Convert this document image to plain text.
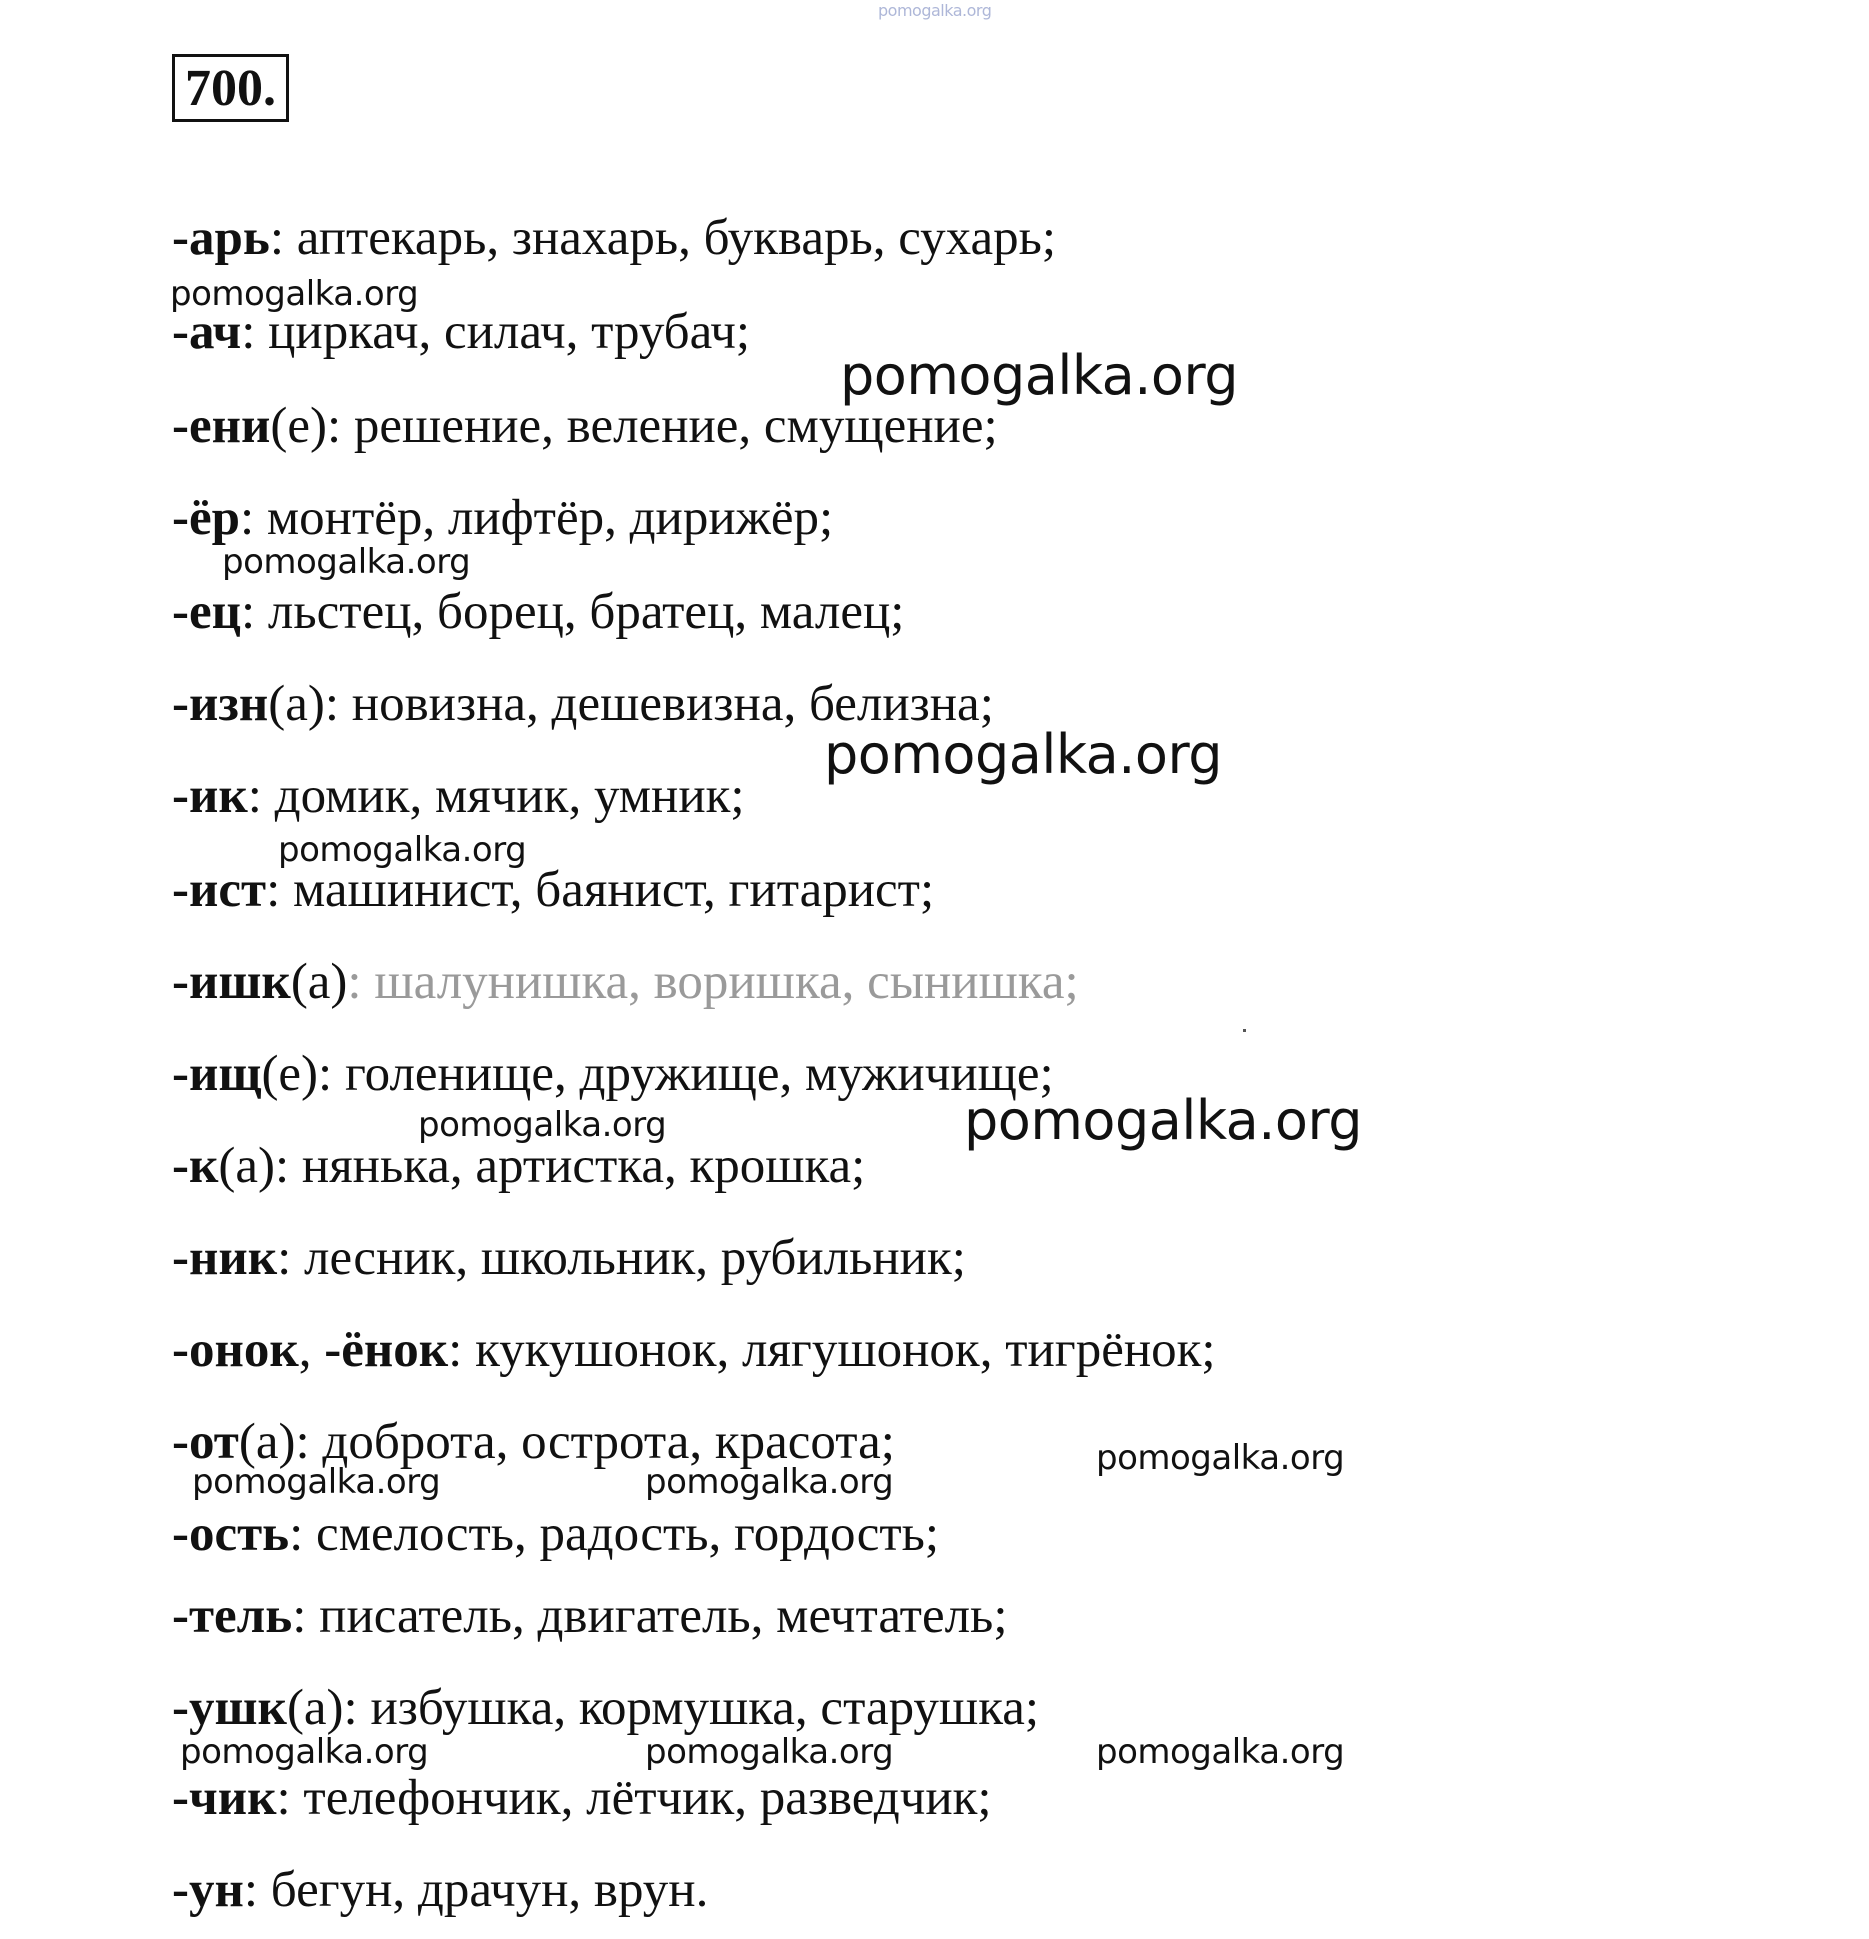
pomogalka.org
700.
-арь: аптекарь, знахарь, букварь, сухарь;
-ач: циркач, силач, трубач;
-ени(е): решение, веление, смущение;
-ёр: монтёр, лифтёр, дирижёр;
-ец: льстец, борец, братец, малец;
-изн(а): новизна, дешевизна, белизна;
-ик: домик, мячик, умник;
-ист: машинист, баянист, гитарист;
-ишк(а): шалунишка, воришка, сынишка;
-ищ(е): голенище, дружище, мужичище;
-к(а): нянька, артистка, крошка;
-ник: лесник, школьник, рубильник;
-онок, -ёнок: кукушонок, лягушонок, тигрёнок;
-от(а): доброта, острота, красота;
-ость: смелость, радость, гордость;
-тель: писатель, двигатель, мечтатель;
-ушк(а): избушка, кормушка, старушка;
-чик: телефончик, лётчик, разведчик;
-ун: бегун, драчун, врун.
pomogalka.org
pomogalka.org
pomogalka.org
pomogalka.org
pomogalka.org
pomogalka.org	pomogalka.org
pomogalka.org
pomogalka.org	pomogalka.org
pomogalka.org	pomogalka.org	pomogalka.org
